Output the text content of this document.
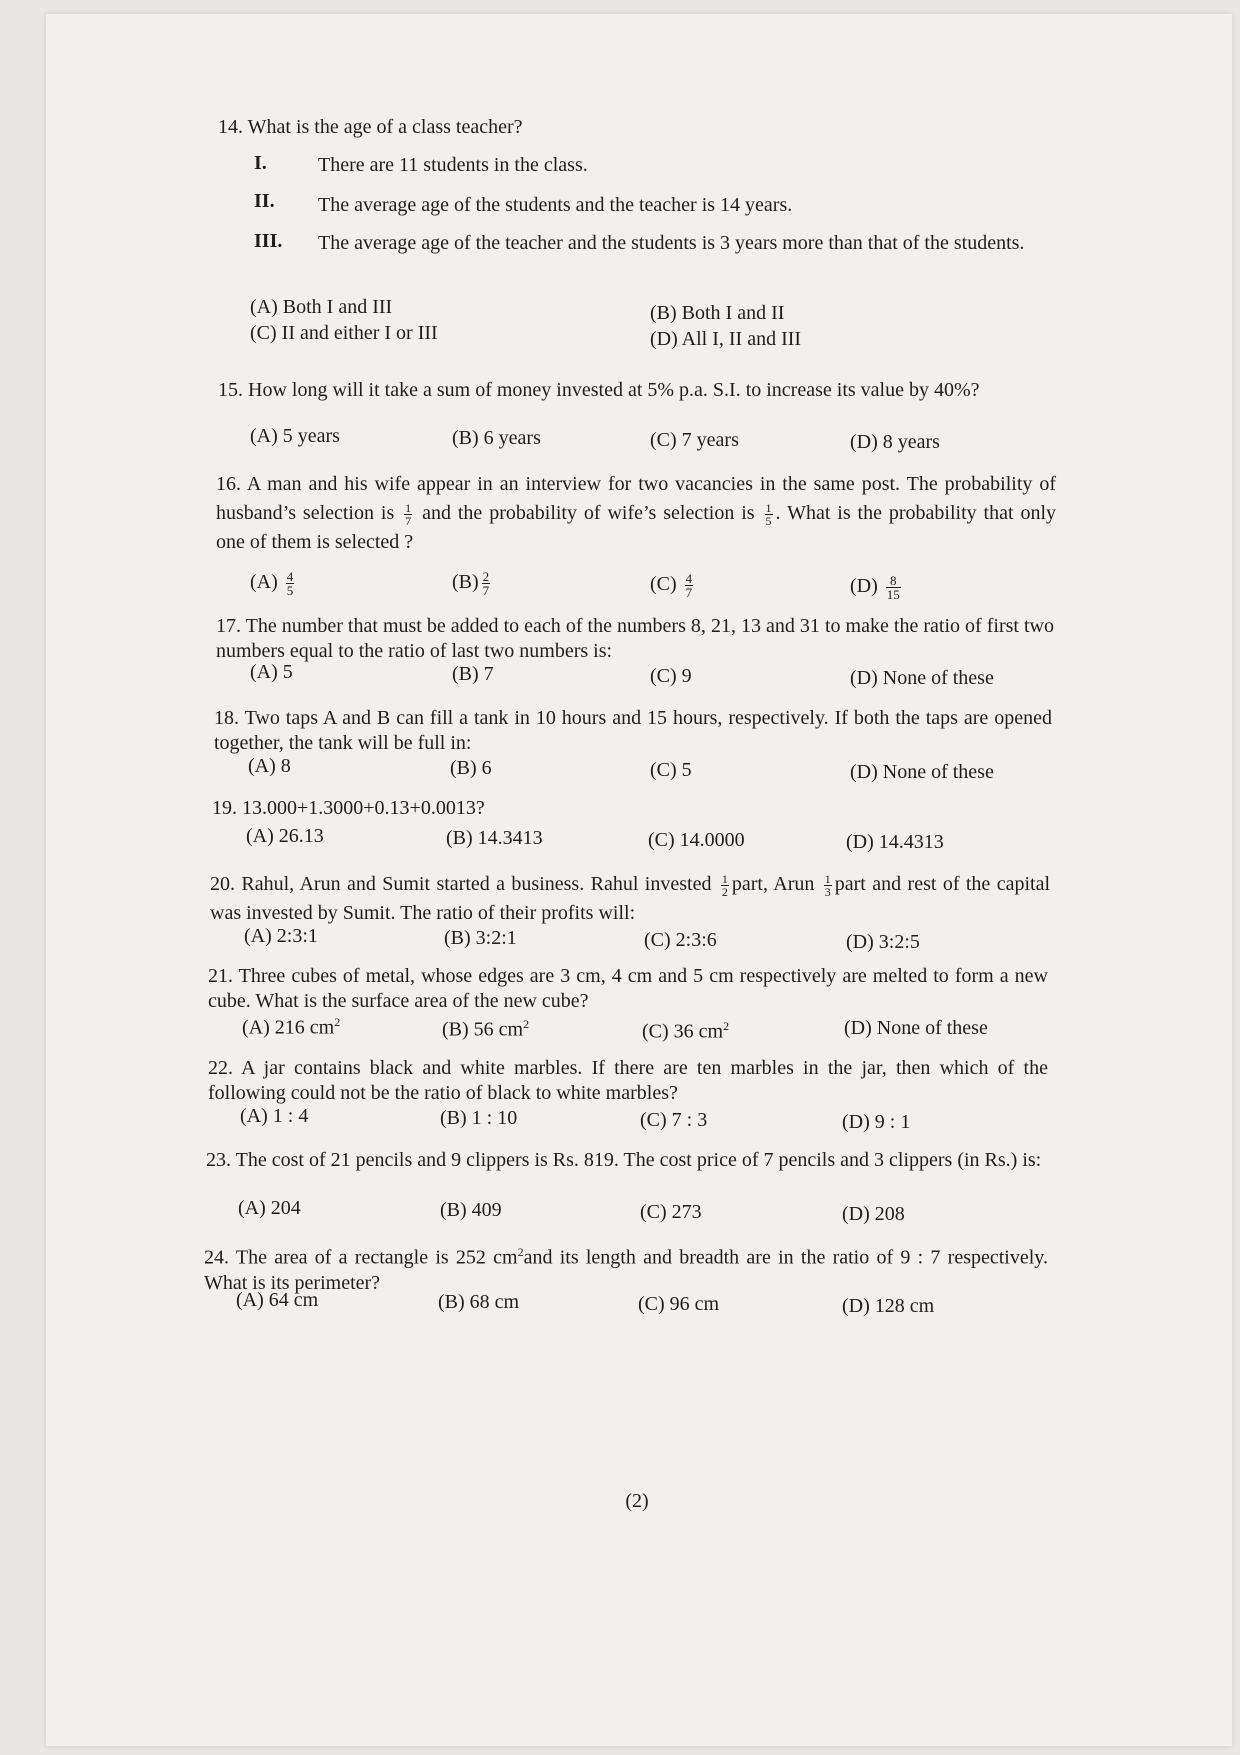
14. What is the age of a class teacher?
I.	There are 11 students in the class.
II. The average age of the students and the teacher is 14 years.
III. The average age of the teacher and the students is 3 years more than that of the students.
(A) Both I and III	(B) Both I and II
(C) II and either I or III	(D) All I, II and III
15. How long will it take a sum of money invested at 5% p.a. S.I. to increase its value by 40%?
(A) 5 years	(B) 6 years	(C) 7 years	(D) 8 years
16. A man and his wife appear in an interview for two vacancies in the same post. The probability of husband’s selection is $\frac{1}{7}$ and the probability of wife’s selection is $\frac{1}{5}$ . What is the probability that only one of them is selected ?
$(A) \frac{4}{5}$	$(B) \frac{2}{7}$	$(C) \frac{4}{7}$	$(D) \frac{8}{15}$
17. The number that must be added to each of the numbers 8, 21, 13 and 31 to make the ratio of first two numbers equal to the ratio of last two numbers is:
(A) 5	(B) 7	(C) 9	(D) None of these
18. Two taps A and B can fill a tank in 10 hours and 15 hours, respectively. If both the taps are opened together, the tank will be full in:
(A) 8	(B) 6	(C) 5	(D) None of these
19. 13.000+1.3000+0.13+0.0013?
(A) 26.13	(B) 14.3413	(C) 14.0000	(D) 14.4313
20. Rahul, Arun and Sumit started a business. Rahul invested $\frac{1}{2}$ part, Arun $\frac{1}{3}$ part and rest of the capital was invested by Sumit. The ratio of their profits will:
(A) 2:3:1	(B) 3:2:1	(C) 2:3:6	(D) 3:2:5
21. Three cubes of metal, whose edges are 3 cm, 4 cm and 5 cm respectively are melted to form a new cube. What is the surface area of the new cube?
(A) 216 $cm^2$	(B) 56 $cm^2$	(C) 36 $cm^2$	(D) None of these
22. A jar contains black and white marbles. If there are ten marbles in the jar, then which of the following could not be the ratio of black to white marbles?
(A) 1 : 4	(B) 1 : 10	(C) 7 : 3	(D) 9 : 1
23. The cost of 21 pencils and 9 clippers is Rs. 819. The cost price of 7 pencils and 3 clippers (in Rs.) is:
(A) 204	(B) 409	(C) 273	(D) 208
24. The area of a rectangle is 252 $cm^2and$ its length and breadth are in the ratio of 9 : 7 respectively. What is its perimeter?
(A) 64 cm	(B) 68 cm	(C) 96 cm	(D) 128 cm
(2)
